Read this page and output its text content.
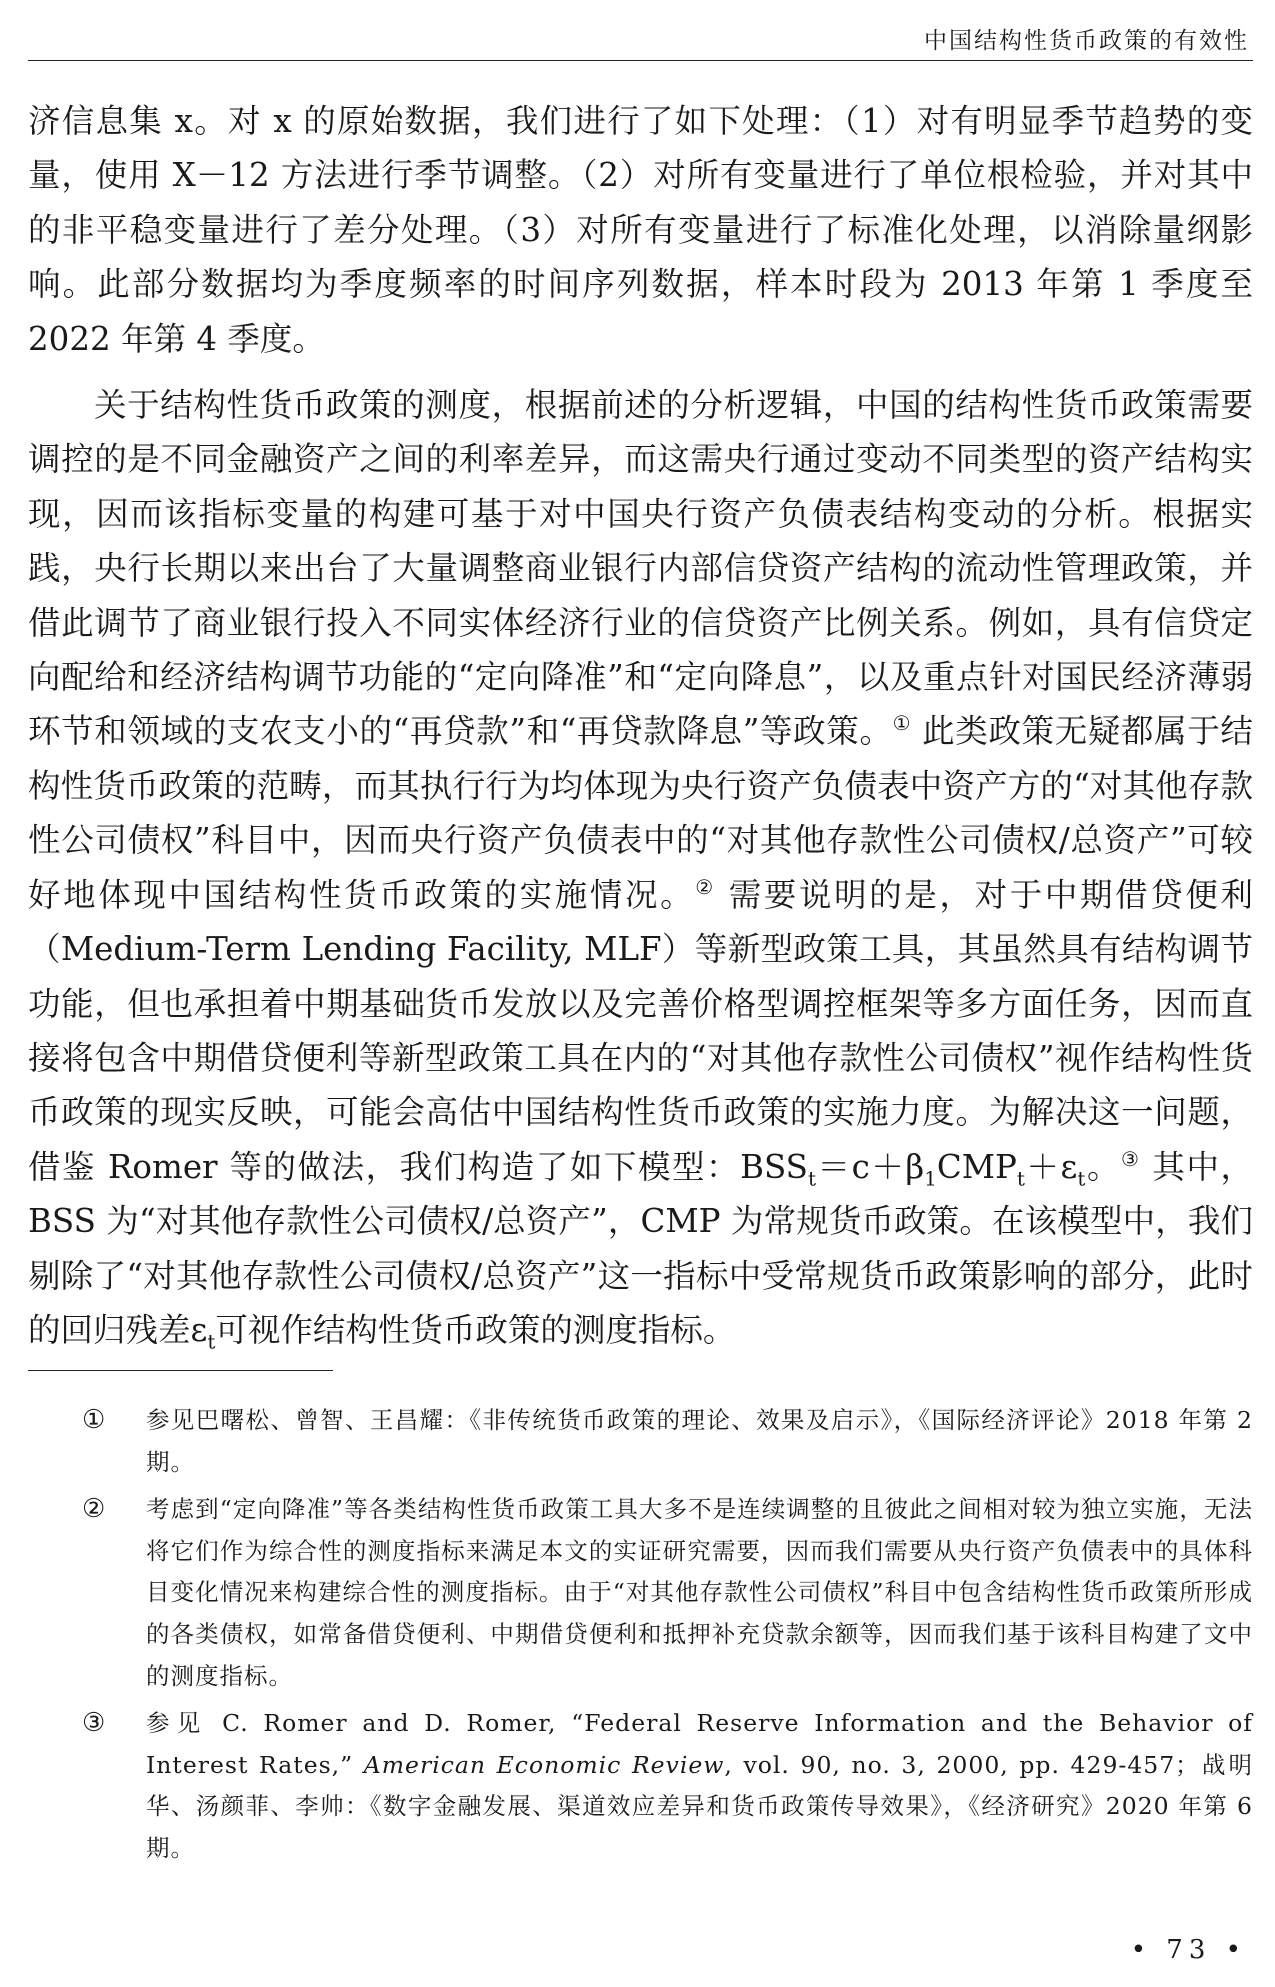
中国结构性货币政策的有效性

济信息集 x。对 x 的原始数据，我们进行了如下处理：（1）对有明显季节趋势的变量，使用 X－12 方法进行季节调整。（2）对所有变量进行了单位根检验，并对其中的非平稳变量进行了差分处理。（3）对所有变量进行了标准化处理，以消除量纲影响。此部分数据均为季度频率的时间序列数据，样本时段为 2013 年第 1 季度至 2022 年第 4 季度。

关于结构性货币政策的测度，根据前述的分析逻辑，中国的结构性货币政策需要调控的是不同金融资产之间的利率差异，而这需央行通过变动不同类型的资产结构实现，因而该指标变量的构建可基于对中国央行资产负债表结构变动的分析。根据实践，央行长期以来出台了大量调整商业银行内部信贷资产结构的流动性管理政策，并借此调节了商业银行投入不同实体经济行业的信贷资产比例关系。例如，具有信贷定向配给和经济结构调节功能的“定向降准”和“定向降息”，以及重点针对国民经济薄弱环节和领域的支农支小的“再贷款”和“再贷款降息”等政策。① 此类政策无疑都属于结构性货币政策的范畴，而其执行行为均体现为央行资产负债表中资产方的“对其他存款性公司债权”科目中，因而央行资产负债表中的“对其他存款性公司债权/总资产”可较好地体现中国结构性货币政策的实施情况。② 需要说明的是，对于中期借贷便利（Medium-Term Lending Facility, MLF）等新型政策工具，其虽然具有结构调节功能，但也承担着中期基础货币发放以及完善价格型调控框架等多方面任务，因而直接将包含中期借贷便利等新型政策工具在内的“对其他存款性公司债权”视作结构性货币政策的现实反映，可能会高估中国结构性货币政策的实施力度。为解决这一问题，借鉴 Romer 等的做法，我们构造了如下模型：$BSS_t=c+\beta_1CMP_t+\varepsilon_t$。③ 其中，BSS 为“对其他存款性公司债权/总资产”，CMP 为常规货币政策。在该模型中，我们剔除了“对其他存款性公司债权/总资产”这一指标中受常规货币政策影响的部分，此时的回归残差$\varepsilon_t$可视作结构性货币政策的测度指标。

① 参见巴曙松、曾智、王昌耀：《非传统货币政策的理论、效果及启示》，《国际经济评论》2018 年第 2 期。

② 考虑到“定向降准”等各类结构性货币政策工具大多不是连续调整的且彼此之间相对较为独立实施，无法将它们作为综合性的测度指标来满足本文的实证研究需要，因而我们需要从央行资产负债表中的具体科目变化情况来构建综合性的测度指标。由于“对其他存款性公司债权”科目中包含结构性货币政策所形成的各类债权，如常备借贷便利、中期借贷便利和抵押补充贷款余额等，因而我们基于该科目构建了文中的测度指标。

③ 参见 C. Romer and D. Romer, “Federal Reserve Information and the Behavior of Interest Rates,” American Economic Review, vol. 90, no. 3, 2000, pp. 429-457；战明华、汤颜菲、李帅：《数字金融发展、渠道效应差异和货币政策传导效果》，《经济研究》2020 年第 6 期。

• 73 •
